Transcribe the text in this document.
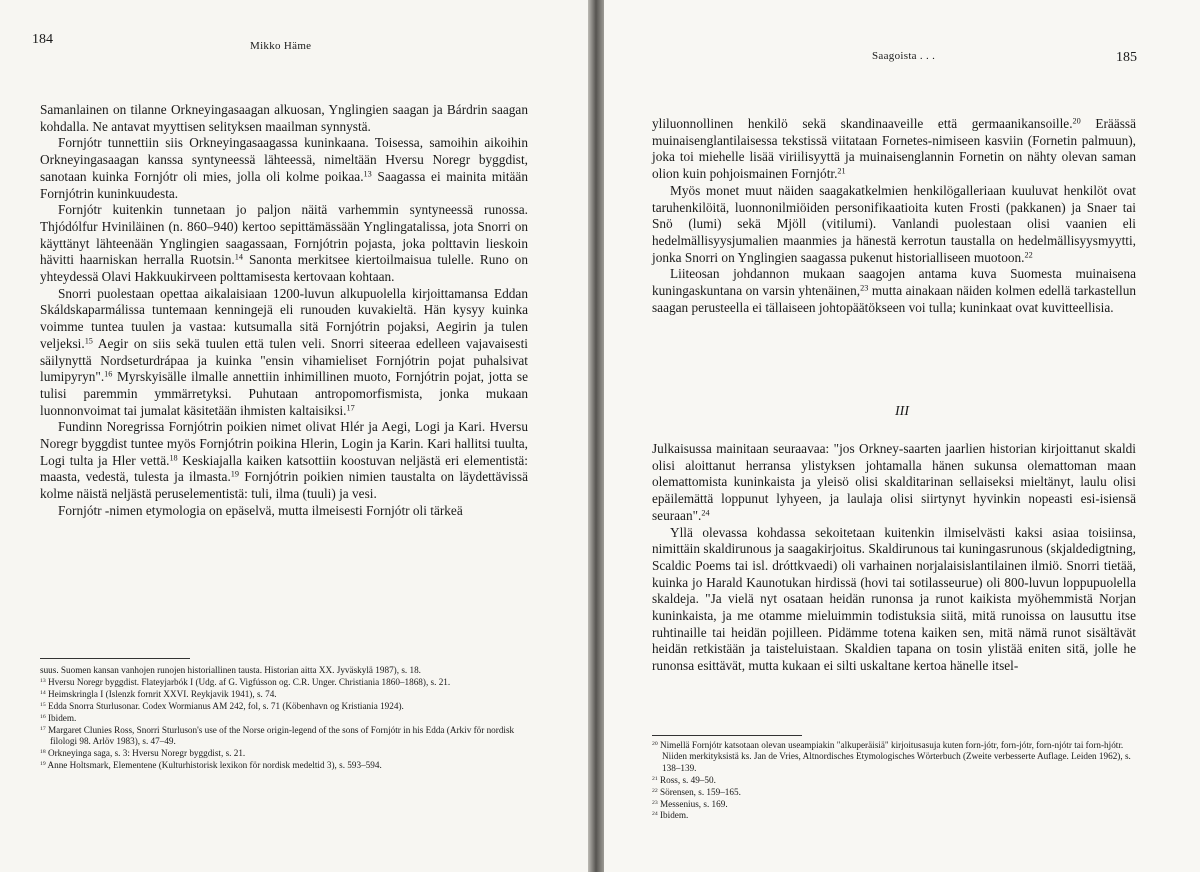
184	Mikko Häme

Samanlainen on tilanne Orkneyingasaagan alkuosan, Ynglingien saagan ja Bárdrin saagan kohdalla. Ne antavat myyttisen selityksen maailman synnystä.

Fornjótr tunnettiin siis Orkneyingasaagassa kuninkaana. Toisessa, samoihin aikoihin Orkneyingasaagan kanssa syntyneessä lähteessä, nimeltään Hversu Noregr byggdist, sanotaan kuinka Fornjótr oli mies, jolla oli kolme poikaa.$^{13}$ Saagassa ei mainita mitään Fornjótrin kuninkuudesta.

Fornjótr kuitenkin tunnetaan jo paljon näitä varhemmin syntyneessä runossa. Thjódólfur Hviniläinen (n. 860–940) kertoo sepittämässään Ynglingatalissa, jota Snorri on käyttänyt lähteenään Ynglingien saagassaan, Fornjótrin pojasta, joka polttavin lieskoin hävitti haarniskan herralla Ruotsin.$^{14}$ Sanonta merkitsee kiertoilmaisua tulelle. Runo on yhteydessä Olavi Hakkuukirveen polttamisesta kertovaan kohtaan.

Snorri puolestaan opettaa aikalaisiaan 1200-luvun alkupuolella kirjoittamansa Eddan Skáldskaparmálissa tuntemaan kenningejä eli runouden kuvakieltä. Hän kysyy kuinka voimme tuntea tuulen ja vastaa: kutsumalla sitä Fornjótrin pojaksi, Aegirin ja tulen veljeksi.$^{15}$ Aegir on siis sekä tuulen että tulen veli. Snorri siteeraa edelleen vajavaisesti säilynyttä Nordseturdrápaa ja kuinka "ensin vihamieliset Fornjótrin pojat puhalsivat lumipyryn".$^{16}$ Myrskyisälle ilmalle annettiin inhimillinen muoto, Fornjótrin pojat, jotta se tulisi paremmin ymmärretyksi. Puhutaan antropomorfismista, jonka mukaan luonnonvoimat tai jumalat käsitetään ihmisten kaltaisiksi.$^{17}$

Fundinn Noregrissa Fornjótrin poikien nimet olivat Hlér ja Aegi, Logi ja Kari. Hversu Noregr byggdist tuntee myös Fornjótrin poikina Hlerin, Login ja Karin. Kari hallitsi tuulta, Logi tulta ja Hler vettä.$^{18}$ Keskiajalla kaiken katsottiin koostuvan neljästä eri elementistä: maasta, vedestä, tulesta ja ilmasta.$^{19}$ Fornjótrin poikien nimien taustalta on läydettävissä kolme näistä neljästä peruselementistä: tuli, ilma (tuuli) ja vesi.

Fornjótr -nimen etymologia on epäselvä, mutta ilmeisesti Fornjótr oli tärkeä

suus. Suomen kansan vanhojen runojen historiallinen tausta. Historian aitta XX. Jyväskylä 1987), s. 18.

$^{13}$ Hversu Noregr byggdist. Flateyjarbók I (Udg. af G. Vigfússon og. C.R. Unger. Christiania 1860–1868), s. 21.

$^{14}$ Heimskringla I (Islenzk fornrit XXVI. Reykjavik 1941), s. 74.

$^{15}$ Edda Snorra Sturlusonar. Codex Wormianus AM 242, fol, s. 71 (Köbenhavn og Kristiania 1924).

$^{16}$ Ibidem.

$^{17}$ Margaret Clunies Ross, Snorri Sturluson's use of the Norse origin-legend of the sons of Fornjótr in his Edda (Arkiv för nordisk filologi 98. Arlöv 1983), s. 47–49.

$^{18}$ Orkneyinga saga, s. 3: Hversu Noregr byggdist, s. 21.

$^{19}$ Anne Holtsmark, Elementene (Kulturhistorisk lexikon för nordisk medeltid 3), s. 593–594.

185
Saagoista . . .

yliluonnollinen henkilö sekä skandinaaveille että germaanikansoille.$^{20}$ Eräässä muinaisenglantilaisessa tekstissä viitataan Fornetes-nimiseen kasviin (Fornetin palmuun), joka toi miehelle lisää viriilisyyttä ja muinaisenglannin Fornetin on nähty olevan saman olion kuin pohjoismainen Fornjótr.$^{21}$

Myös monet muut näiden saagakatkelmien henkilögalleriaan kuuluvat henkilöt ovat taruhenkilöitä, luonnonilmiöiden personifikaatioita kuten Frosti (pakkanen) ja Snaer tai Snö (lumi) sekä Mjöll (vitilumi). Vanlandi puolestaan olisi vaanien eli hedelmällisyysjumalien maanmies ja hänestä kerrotun taustalla on hedelmällisyysmyytti, jonka Snorri on Ynglingien saagassa pukenut historialliseen muotoon.$^{22}$

Liiteosan johdannon mukaan saagojen antama kuva Suomesta muinaisena kuningaskuntana on varsin yhtenäinen,$^{23}$ mutta ainakaan näiden kolmen edellä tarkastellun saagan perusteella ei tällaiseen johtopäätökseen voi tulla; kuninkaat ovat kuvitteellisia.

III

Julkaisussa mainitaan seuraavaa: "jos Orkney-saarten jaarlien historian kirjoittanut skaldi olisi aloittanut herransa ylistyksen johtamalla hänen sukunsa olemattoman maan olemattomista kuninkaista ja yleisö olisi skalditarinan sellaiseksi mieltänyt, laulu olisi epäilemättä loppunut lyhyeen, ja laulaja olisi siirtynyt hyvinkin nopeasti esi-isiensä seuraan".$^{24}$

Yllä olevassa kohdassa sekoitetaan kuitenkin ilmiselvästi kaksi asiaa toisiinsa, nimittäin skaldirunous ja saagakirjoitus. Skaldirunous tai kuningasrunous (skjaldedigtning, Scaldic Poems tai isl. dróttkvaedi) oli varhainen norjalaisislantilainen ilmiö. Snorri tietää, kuinka jo Harald Kaunotukan hirdissä (hovi tai sotilasseurue) oli 800-luvun loppupuolella skaldeja. "Ja vielä nyt osataan heidän runonsa ja runot kaikista myöhemmistä Norjan kuninkaista, ja me otamme mieluimmin todistuksia siitä, mitä runoissa on lausuttu itse ruhtinaille tai heidän pojilleen. Pidämme totena kaiken sen, mitä nämä runot sisältävät heidän retkistään ja taisteluistaan. Skaldien tapana on tosin ylistää eniten sitä, jolle he runonsa esittävät, mutta kukaan ei silti uskaltane kertoa hänelle itsel-

$^{20}$ Nimellä Fornjótr katsotaan olevan useampiakin "alkuperäisiä" kirjoitusasuja kuten forn-jótr, forn-jótr, forn-njótr tai forn-hjótr. Niiden merkityksistä ks. Jan de Vries, Altnordisches Etymologisches Wörterbuch (Zweite verbesserte Auflage. Leiden 1962), s. 138–139.

$^{21}$ Ross, s. 49–50.

$^{22}$ Sörensen, s. 159–165.

$^{23}$ Messenius, s. 169.

$^{24}$ Ibidem.
